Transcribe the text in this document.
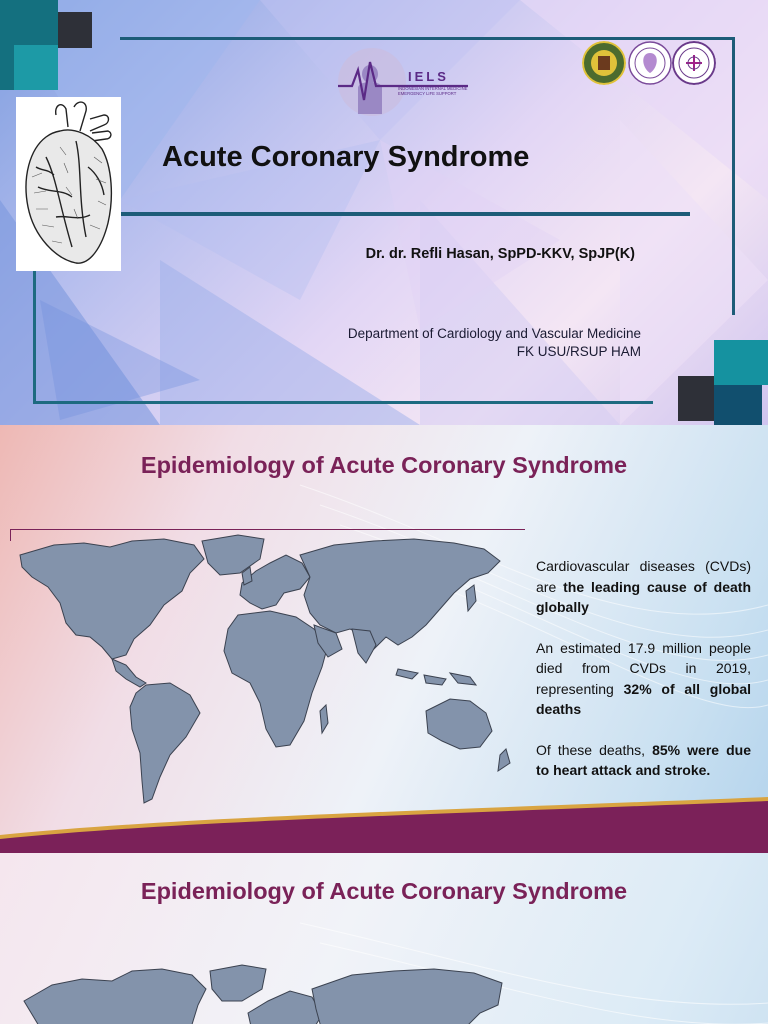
IELS
INDONESIAN INTERNAL MEDICINE EMERGENCY LIFE SUPPORT
Acute Coronary Syndrome
Dr. dr. Refli Hasan, SpPD-KKV, SpJP(K)
Department of Cardiology and Vascular Medicine
FK USU/RSUP HAM
Epidemiology of Acute Coronary Syndrome

Cardiovascular diseases (CVDs) are the leading cause of death globally

An estimated 17.9 million people died from CVDs in 2019, representing 32% of all global deaths

Of these deaths, 85% were due to heart attack and stroke.

Epidemiology of Acute Coronary Syndrome
